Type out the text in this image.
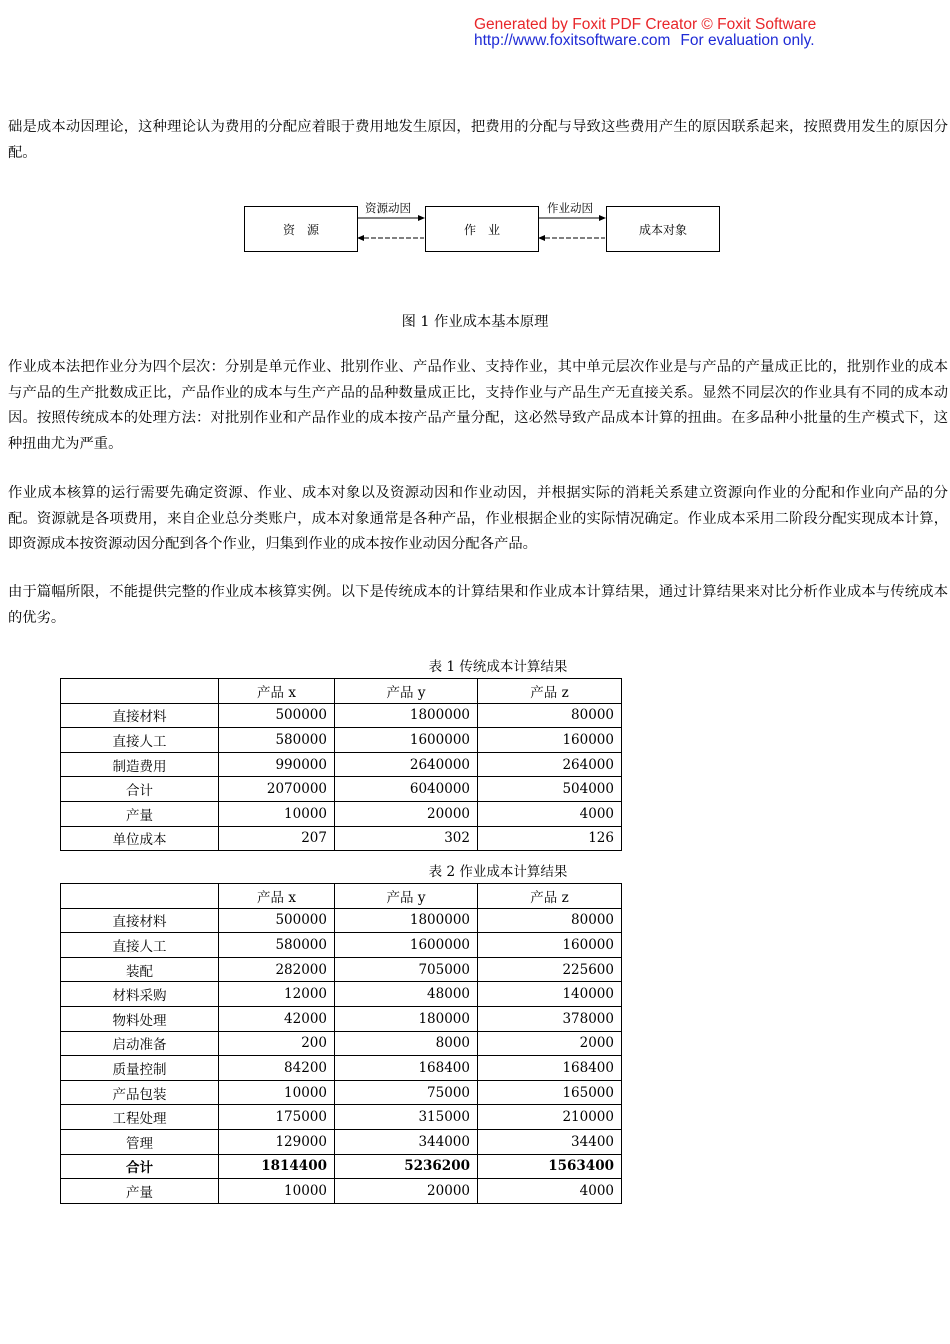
Generated by Foxit PDF Creator © Foxit Software
http://www.foxitsoftware.com For evaluation only.
础是成本动因理论，这种理论认为费用的分配应着眼于费用地发生原因，把费用的分配与导致这些费用产生的原因联系起来，按照费用发生的原因分配。
资　源	作　业	成本对象
资源动因	作业动因
图 1 作业成本基本原理
作业成本法把作业分为四个层次：分别是单元作业、批别作业、产品作业、支持作业，其中单元层次作业是与产品的产量成正比的，批别作业的成本与产品的生产批数成正比，产品作业的成本与生产产品的品种数量成正比，支持作业与产品生产无直接关系。显然不同层次的作业具有不同的成本动因。按照传统成本的处理方法：对批别作业和产品作业的成本按产品产量分配，这必然导致产品成本计算的扭曲。在多品种小批量的生产模式下，这种扭曲尤为严重。
作业成本核算的运行需要先确定资源、作业、成本对象以及资源动因和作业动因，并根据实际的消耗关系建立资源向作业的分配和作业向产品的分配。资源就是各项费用，来自企业总分类账户，成本对象通常是各种产品，作业根据企业的实际情况确定。作业成本采用二阶段分配实现成本计算，即资源成本按资源动因分配到各个作业，归集到作业的成本按作业动因分配各产品。
由于篇幅所限，不能提供完整的作业成本核算实例。以下是传统成本的计算结果和作业成本计算结果，通过计算结果来对比分析作业成本与传统成本的优劣。
表 1 传统成本计算结果
	产品 x	产品 y	产品 z
直接材料	500000	1800000	80000
直接人工	580000	1600000	160000
制造费用	990000	2640000	264000
合计	2070000	6040000	504000
产量	10000	20000	4000
单位成本	207	302	126
表 2 作业成本计算结果
	产品 x	产品 y	产品 z
直接材料	500000	1800000	80000
直接人工	580000	1600000	160000
装配	282000	705000	225600
材料采购	12000	48000	140000
物料处理	42000	180000	378000
启动准备	200	8000	2000
质量控制	84200	168400	168400
产品包装	10000	75000	165000
工程处理	175000	315000	210000
管理	129000	344000	34400
合计	1814400	5236200	1563400
产量	10000	20000	4000
